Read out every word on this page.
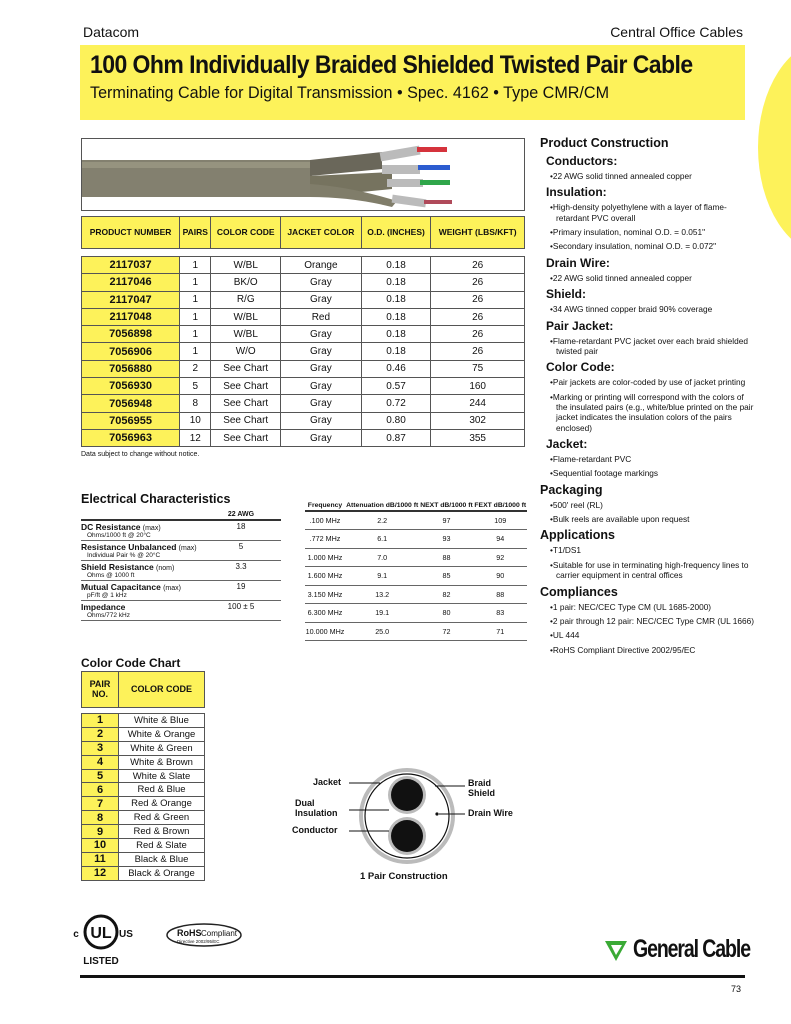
Datacom	Central Office Cables
100 Ohm Individually Braided Shielded Twisted Pair Cable
Terminating Cable for Digital Transmission • Spec. 4162 • Type CMR/CM
PRODUCT NUMBER	PAIRS	COLOR CODE	JACKET COLOR	O.D. (INCHES)	WEIGHT (LBS/KFT)

2117037	1	W/BL	Orange	0.18	26
2117046	1	BK/O	Gray	0.18	26
2117047	1	R/G	Gray	0.18	26
2117048	1	W/BL	Red	0.18	26
7056898	1	W/BL	Gray	0.18	26
7056906	1	W/O	Gray	0.18	26
7056880	2	See Chart	Gray	0.46	75
7056930	5	See Chart	Gray	0.57	160
7056948	8	See Chart	Gray	0.72	244
7056955	10	See Chart	Gray	0.80	302
7056963	12	See Chart	Gray	0.87	355
Data subject to change without notice.
Electrical Characteristics
	22 AWG
DC Resistance (max)
Ohms/1000 ft @ 20°C	18
Resistance Unbalanced (max)
Individual Pair % @ 20°C	5
Shield Resistance (nom)
Ohms @ 1000 ft	3.3
Mutual Capacitance (max)
pF/ft @ 1 kHz	19
Impedance
Ohms/772 kHz	100 ± 5
Frequency	Attenuation dB/1000 ft	NEXT dB/1000 ft	FEXT dB/1000 ft
.100 MHz	2.2	97	109
.772 MHz	6.1	93	94
1.000 MHz	7.0	88	92
1.600 MHz	9.1	85	90
3.150 MHz	13.2	82	88
6.300 MHz	19.1	80	83
10.000 MHz	25.0	72	71
Color Code Chart
PAIR NO.	COLOR CODE

1	White & Blue
2	White & Orange
3	White & Green
4	White & Brown
5	White & Slate
6	Red & Blue
7	Red & Orange
8	Red & Green
9	Red & Brown
10	Red & Slate
11	Black & Blue
12	Black & Orange
Product Construction
Conductors:
• 22 AWG solid tinned annealed copper
Insulation:
• High-density polyethylene with a layer of flame-retardant PVC overall
• Primary insulation, nominal O.D. = 0.051"
• Secondary insulation, nominal O.D. = 0.072"
Drain Wire:
• 22 AWG solid tinned annealed copper
Shield:
• 34 AWG tinned copper braid 90% coverage
Pair Jacket:
• Flame-retardant PVC jacket over each braid shielded twisted pair
Color Code:
• Pair jackets are color-coded by use of jacket printing
• Marking or printing will correspond with the colors of the insulated pairs (e.g., white/blue printed on the pair jacket indicates the insulation colors of the pairs enclosed)
Jacket:
• Flame-retardant PVC
• Sequential footage markings
Packaging
• 500' reel (RL)
• Bulk reels are available upon request
Applications
• T1/DS1
• Suitable for use in terminating high-frequency lines to carrier equipment in central offices
Compliances
• 1 pair: NEC/CEC Type CM (UL 1685-2000)
• 2 pair through 12 pair: NEC/CEC Type CMR (UL 1666)
• UL 444
• RoHS Compliant Directive 2002/95/EC
Jacket
Dual Insulation
Conductor
Braid Shield
Drain Wire
1 Pair Construction
UL
c	US
LISTED
RoHS Compliant
Directive 2002/95/EC	General Cable
73
